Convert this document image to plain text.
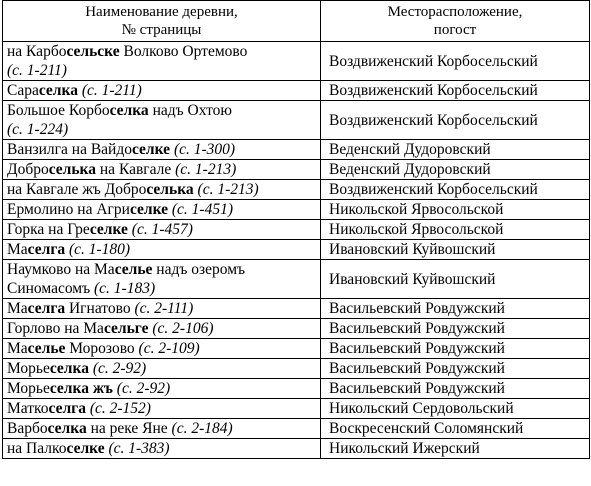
Наименование деревни,
№ страницы	Месторасположение,
погост

на Карбосельске Волково Ортемово
(с. 1-211)	Воздвиженский Корбосельский

Сараселка (с. 1-211)	Воздвиженский Корбосельский

Большое Корбоселка надъ Охтою
(с. 1-224)	Воздвиженский Корбосельский

Ванзилга на Вайдоселке (с. 1-300)	Веденский Дудоровский

Доброселька на Кавгале (с. 1-213)	Веденский Дудоровский

на Кавгале жъ Доброселька (с. 1-213)	Воздвиженский Корбосельский

Ермолино на Агриселке (с. 1-451)	Никольской Ярвосольской

Горка на Греселке (с. 1-457)	Никольской Ярвосольской

Маселга (с. 1-180)	Ивановский Куйвошский

Наумково на Маселье надъ озеромъ
Синомасомъ (с. 1-183)	Ивановский Куйвошский

Маселга Игнатово (с. 2-111)	Васильевский Ровдужский

Горлово на Масельге (с. 2-106)	Васильевский Ровдужский

Маселье Морозово (с. 2-109)	Васильевский Ровдужский

Морьеселка (с. 2-92)	Васильевский Ровдужский

Морьеселка жъ (с. 2-92)	Васильевский Ровдужский

Маткоселга (с. 2-152)	Никольский Сердовольский

Варбоселка на реке Яне (с. 2-184)	Воскресенский Соломянский

на Палкоселке (с. 1-383)	Никольский Ижерский
